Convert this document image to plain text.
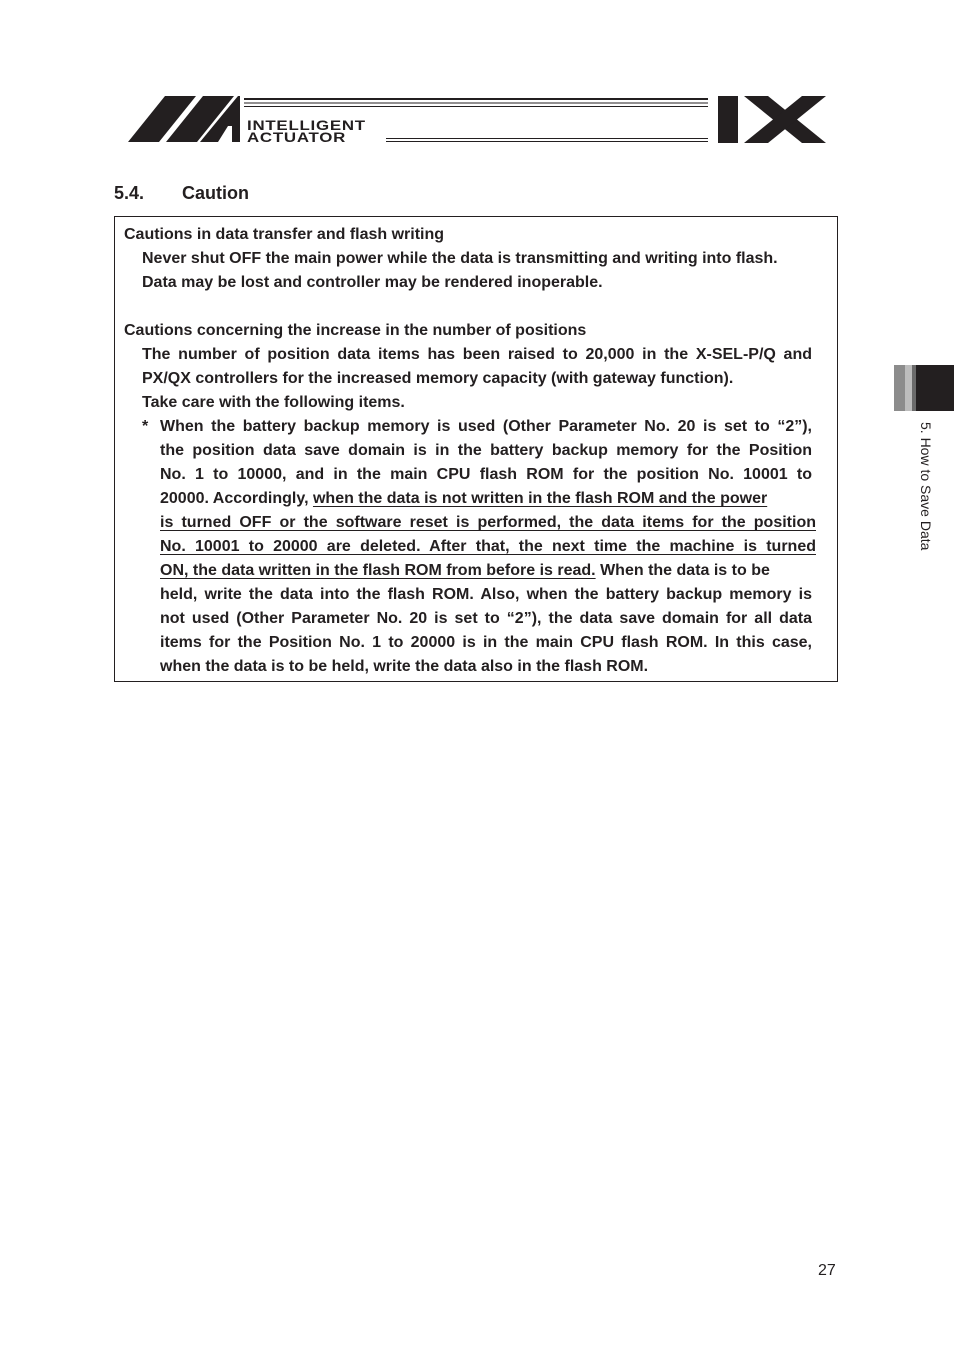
INTELLIGENT
ACTUATOR
5.4. Caution
Cautions in data transfer and flash writing
Never shut OFF the main power while the data is transmitting and writing into flash.
Data may be lost and controller may be rendered inoperable.
Cautions concerning the increase in the number of positions
The number of position data items has been raised to 20,000 in the X-SEL-P/Q and
PX/QX controllers for the increased memory capacity (with gateway function).
Take care with the following items.
* When the battery backup memory is used (Other Parameter No. 20 is set to “2”),
the position data save domain is in the battery backup memory for the Position
No. 1 to 10000, and in the main CPU flash ROM for the position No. 10001 to
20000. Accordingly, when the data is not written in the flash ROM and the power
is turned OFF or the software reset is performed, the data items for the position
No. 10001 to 20000 are deleted. After that, the next time the machine is turned
ON, the data written in the flash ROM from before is read. When the data is to be
held, write the data into the flash ROM. Also, when the battery backup memory is
not used (Other Parameter No. 20 is set to “2”), the data save domain for all data
items for the Position No. 1 to 20000 is in the main CPU flash ROM. In this case,
when the data is to be held, write the data also in the flash ROM.
5. How to Save Data
27
